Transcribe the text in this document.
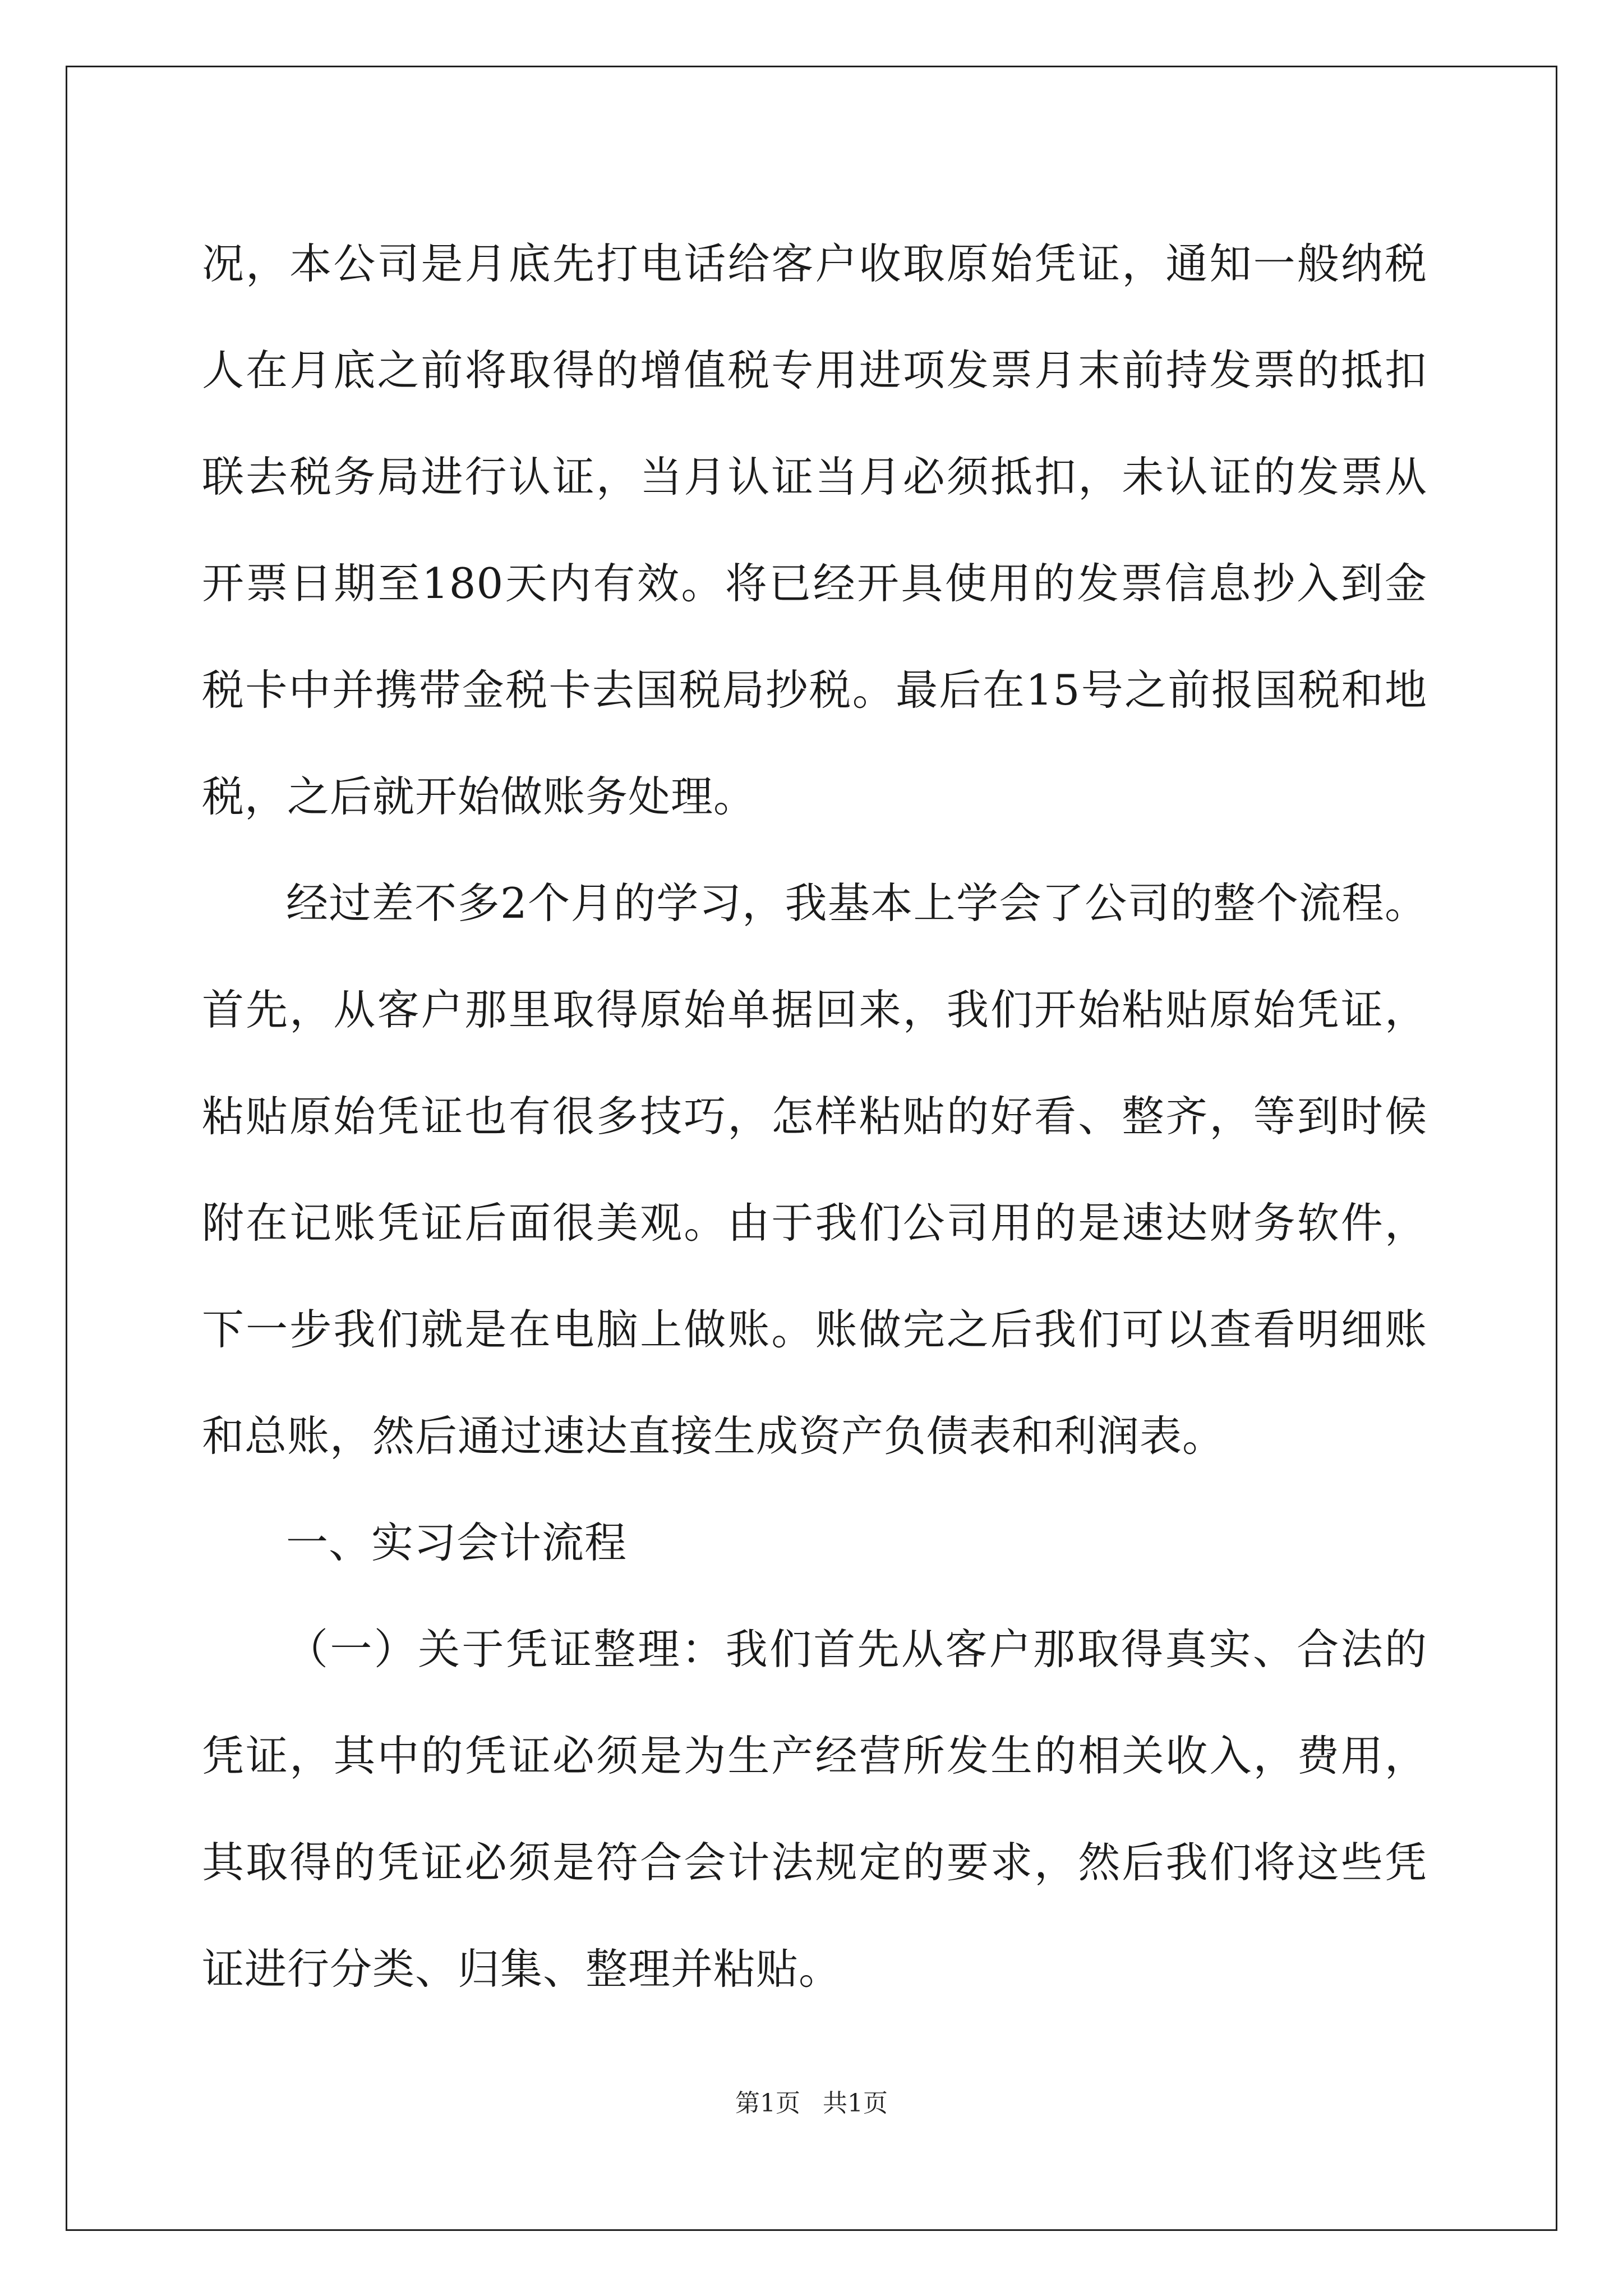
况，本公司是月底先打电话给客户收取原始凭证，通知一般纳税人在月底之前将取得的增值税专用进项发票月末前持发票的抵扣联去税务局进行认证，当月认证当月必须抵扣，未认证的发票从开票日期至180天内有效。将已经开具使用的发票信息抄入到金税卡中并携带金税卡去国税局抄税。最后在15号之前报国税和地税，之后就开始做账务处理。

经过差不多2个月的学习，我基本上学会了公司的整个流程。首先，从客户那里取得原始单据回来，我们开始粘贴原始凭证，粘贴原始凭证也有很多技巧，怎样粘贴的好看、整齐，等到时候附在记账凭证后面很美观。由于我们公司用的是速达财务软件，下一步我们就是在电脑上做账。账做完之后我们可以查看明细账和总账，然后通过速达直接生成资产负债表和利润表。

一、实习会计流程

（一）关于凭证整理：我们首先从客户那取得真实、合法的凭证，其中的凭证必须是为生产经营所发生的相关收入，费用，其取得的凭证必须是符合会计法规定的要求，然后我们将这些凭证进行分类、归集、整理并粘贴。

第1页 共1页
